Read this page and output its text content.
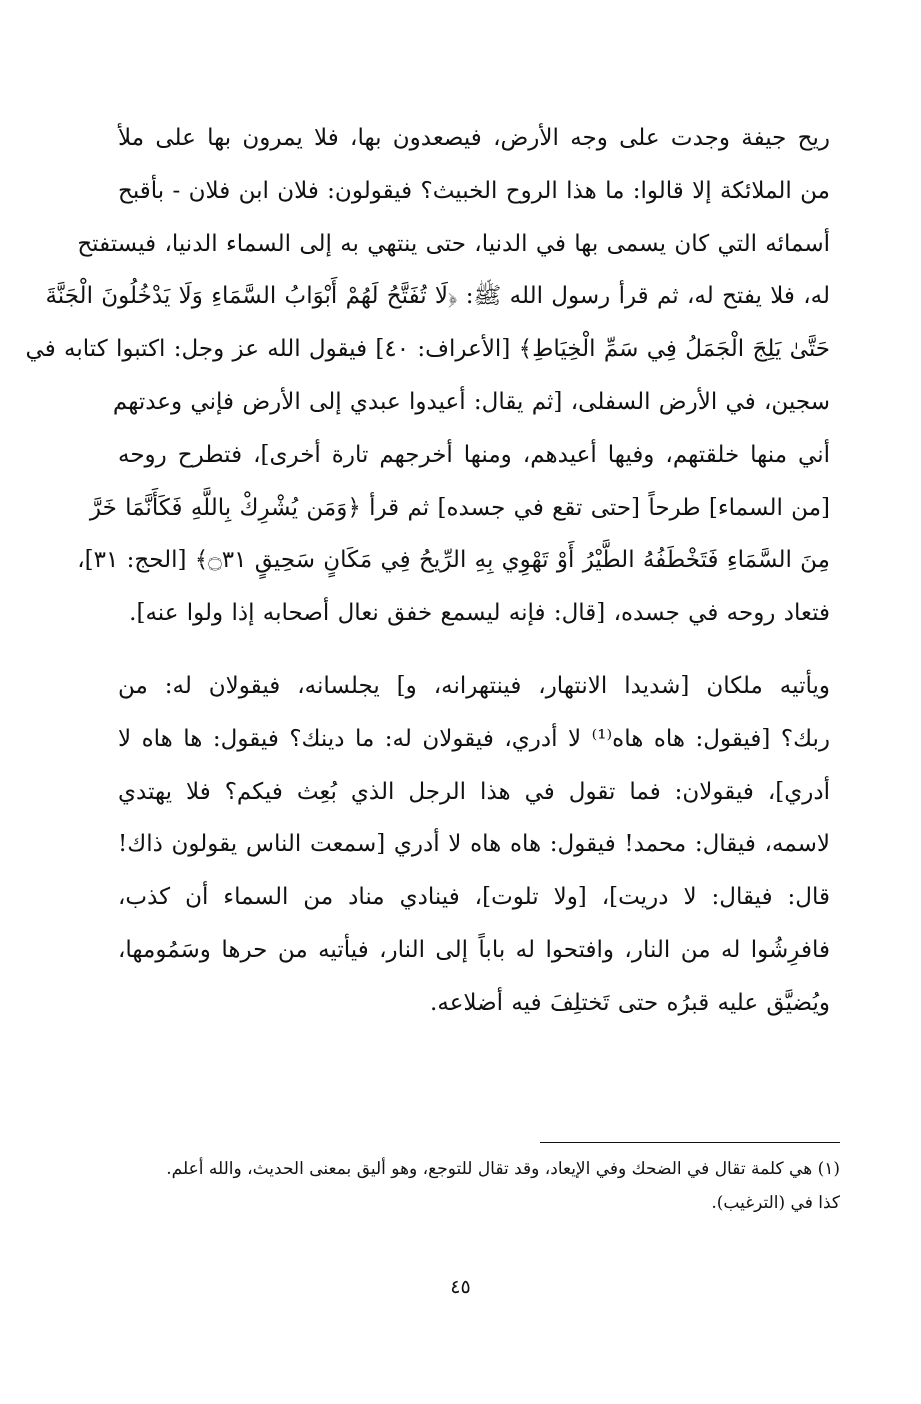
ريح جيفة وجدت على وجه الأرض، فيصعدون بها، فلا يمرون بها على ملأ
من الملائكة إلا قالوا: ما هذا الروح الخبيث؟ فيقولون: فلان ابن فلان - بأقبح
أسمائه التي كان يسمى بها في الدنيا، حتى ينتهي به إلى السماء الدنيا، فيستفتح
له، فلا يفتح له، ثم قرأ رسول الله ﷺ: ﴿لَا تُفَتَّحُ لَهُمْ أَبْوَابُ السَّمَاءِ وَلَا يَدْخُلُونَ الْجَنَّةَ
حَتَّىٰ يَلِجَ الْجَمَلُ فِي سَمِّ الْخِيَاطِ﴾ [الأعراف: ٤٠] فيقول الله عز وجل: اكتبوا كتابه في
سجين، في الأرض السفلى، [ثم يقال: أعيدوا عبدي إلى الأرض فإني وعدتهم
أني منها خلقتهم، وفيها أعيدهم، ومنها أخرجهم تارة أخرى]، فتطرح روحه
[من السماء] طرحاً [حتى تقع في جسده] ثم قرأ ﴿وَمَن يُشْرِكْ بِاللَّهِ فَكَأَنَّمَا خَرَّ
مِنَ السَّمَاءِ فَتَخْطَفُهُ الطَّيْرُ أَوْ تَهْوِي بِهِ الرِّيحُ فِي مَكَانٍ سَحِيقٍ ۝٣١﴾ [الحج: ٣١]،
فتعاد روحه في جسده، [قال: فإنه ليسمع خفق نعال أصحابه إذا ولوا عنه].
ويأتيه ملكان [شديدا الانتهار، فينتهرانه، و] يجلسانه، فيقولان له: من
ربك؟ [فيقول: هاه هاه⁽¹⁾ لا أدري، فيقولان له: ما دينك؟ فيقول: ها هاه لا
أدري]، فيقولان: فما تقول في هذا الرجل الذي بُعِث فيكم؟ فلا يهتدي
لاسمه، فيقال: محمد! فيقول: هاه هاه لا أدري [سمعت الناس يقولون ذاك!
قال: فيقال: لا دريت]، [ولا تلوت]، فينادي مناد من السماء أن كذب،
فافرِشُوا له من النار، وافتحوا له باباً إلى النار، فيأتيه من حرها وسَمُومها،
ويُضيَّق عليه قبرُه حتى تَختلِفَ فيه أضلاعه.
(١) هي كلمة تقال في الضحك وفي الإيعاد، وقد تقال للتوجع، وهو أليق بمعنى الحديث، والله أعلم.
كذا في (الترغيب).
٤٥
